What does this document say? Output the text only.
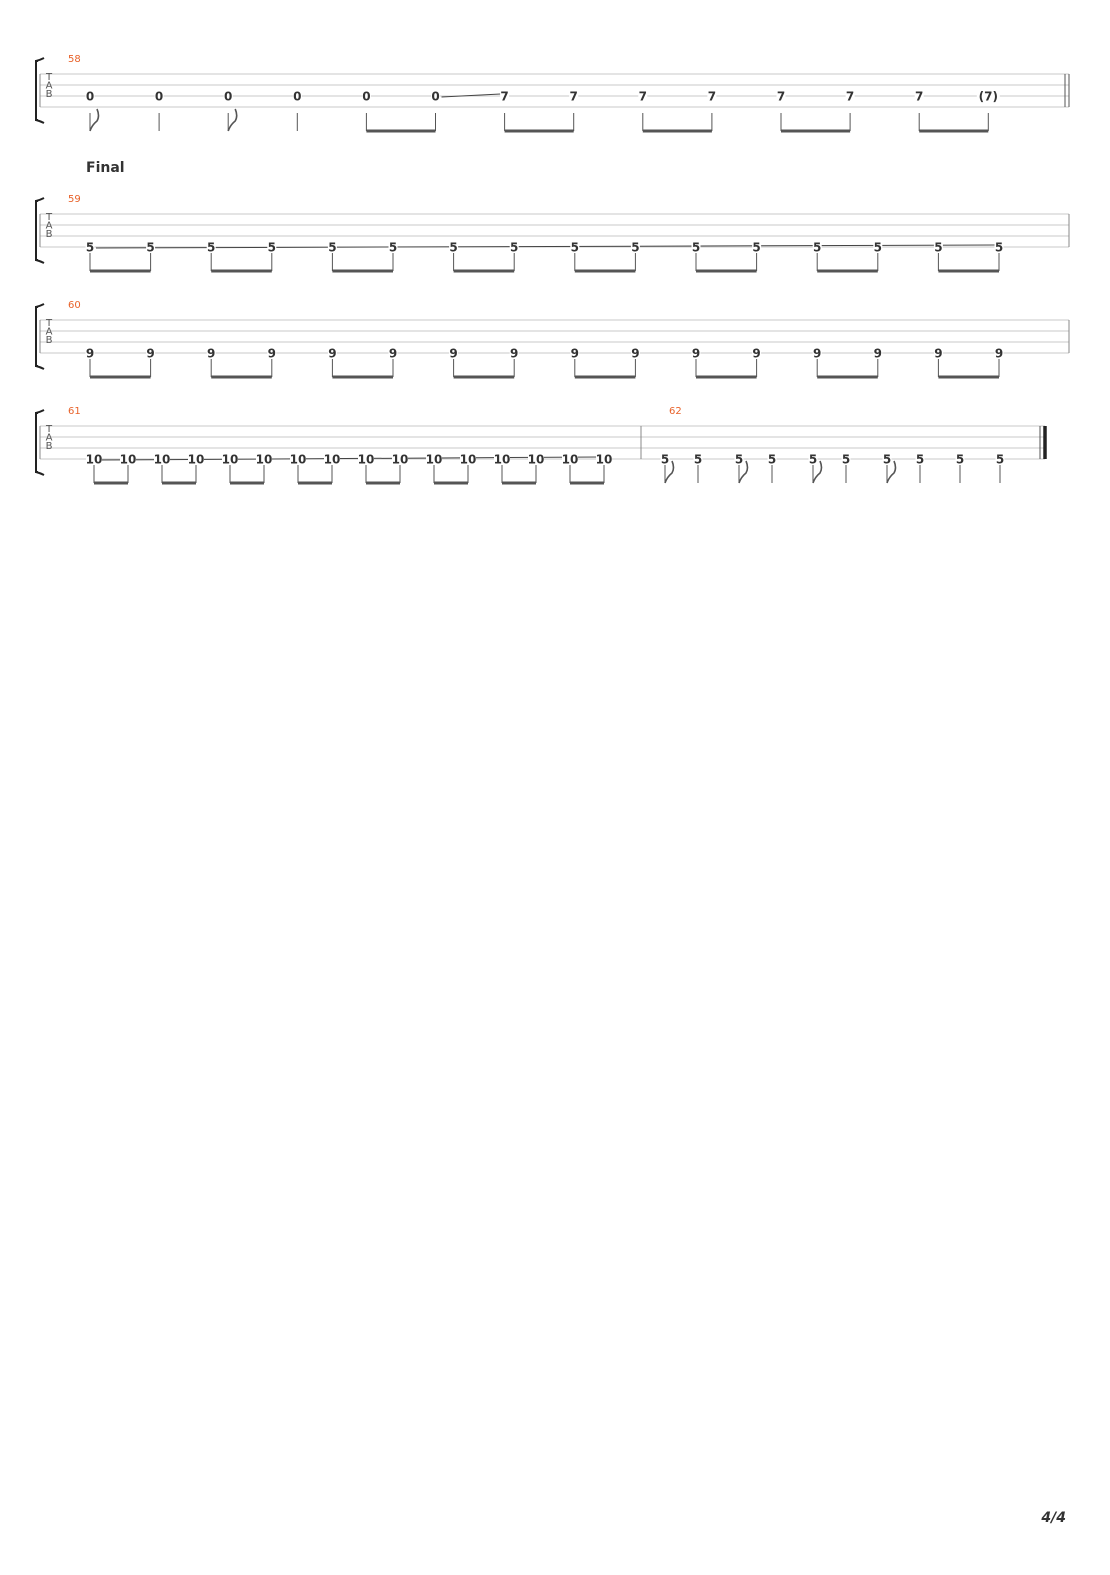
Final
T
A
B
58
0	0	0	0	0	0	7	7	7	7	7	7	7	(7)
T
A
B
59
5	5	5	5	5	5	5	5	5	5	5	5	5	5	5	5
T
A
B
60
9	9	9	9	9	9	9	9	9	9	9	9	9	9	9	9
T
A
B
61
10 10 10 10 10 10 10 10 10 10 10 10 10 10 10 10
62
5 5	5 5	5 5	5 5	5	5
4/4
